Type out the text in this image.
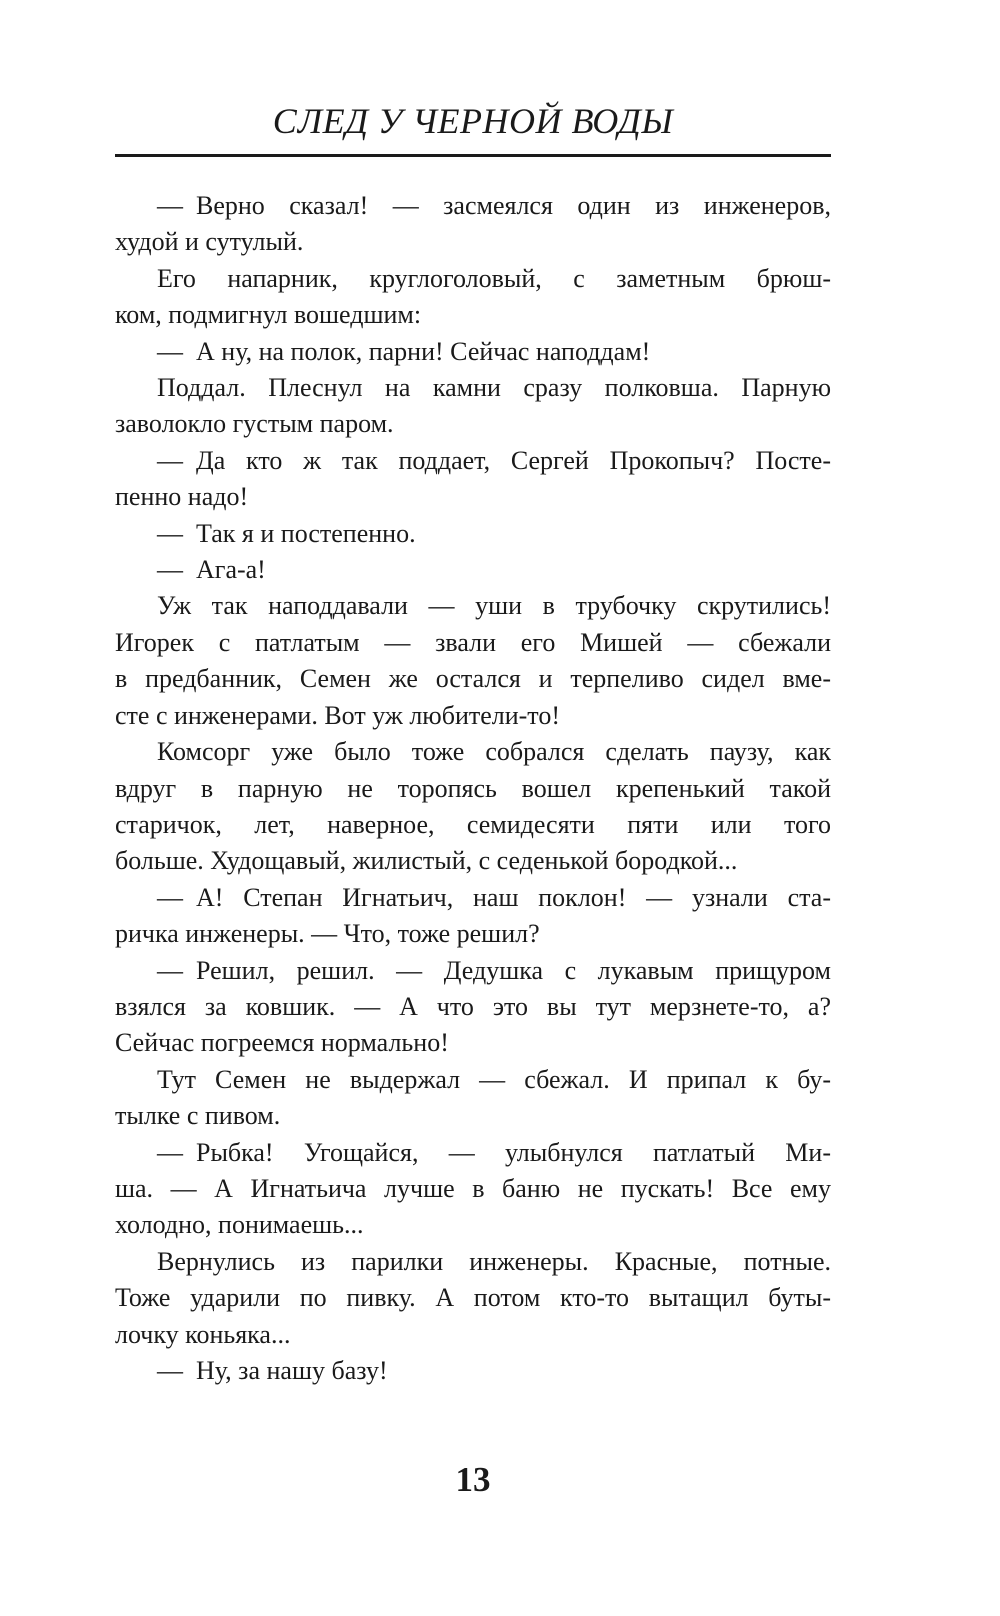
СЛЕД У ЧЕРНОЙ ВОДЫ
— Верно сказал! — засмеялся один из инженеров,
худой и сутулый.
Его напарник, круглоголовый, с заметным брюш-
ком, подмигнул вошедшим:
— А ну, на полок, парни! Сейчас наподдам!
Поддал. Плеснул на камни сразу полковша. Парную
заволокло густым паром.
— Да кто ж так поддает, Сергей Прокопыч? Посте-
пенно надо!
— Так я и постепенно.
— Ага-а!
Уж так наподдавали — уши в трубочку скрутились!
Игорек с патлатым — звали его Мишей — сбежали
в предбанник, Семен же остался и терпеливо сидел вме-
сте с инженерами. Вот уж любители-то!
Комсорг уже было тоже собрался сделать паузу, как
вдруг в парную не торопясь вошел крепенький такой
старичок, лет, наверное, семидесяти пяти или того
больше. Худощавый, жилистый, с седенькой бородкой...
— А! Степан Игнатьич, наш поклон! — узнали ста-
ричка инженеры. — Что, тоже решил?
— Решил, решил. — Дедушка с лукавым прищуром
взялся за ковшик. — А что это вы тут мерзнете-то, а?
Сейчас погреемся нормально!
Тут Семен не выдержал — сбежал. И припал к бу-
тылке с пивом.
— Рыбка! Угощайся, — улыбнулся патлатый Ми-
ша. — А Игнатьича лучше в баню не пускать! Все ему
холодно, понимаешь...
Вернулись из парилки инженеры. Красные, потные.
Тоже ударили по пивку. А потом кто-то вытащил буты-
лочку коньяка...
— Ну, за нашу базу!
13
